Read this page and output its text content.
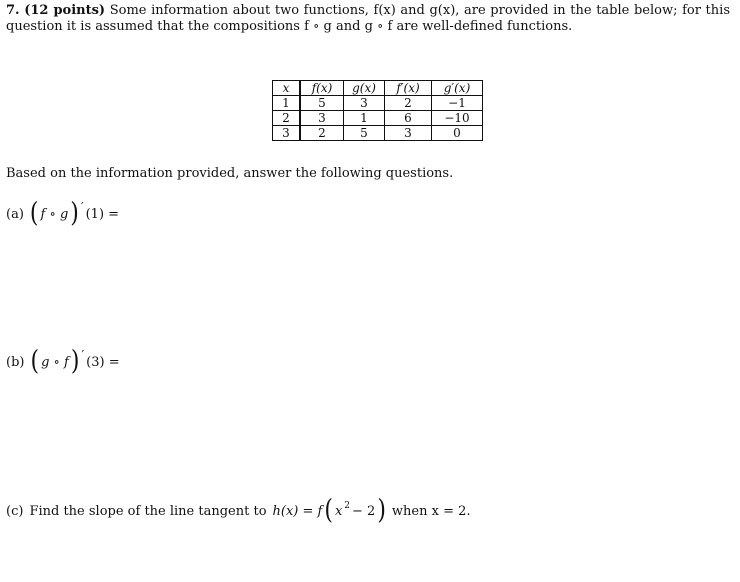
7. (12 points) Some information about two functions, f(x) and g(x), are provided in the table below; for this question it is assumed that the compositions f ∘ g and g ∘ f are well-defined functions.
x	f(x)	g(x)	f′(x)	g′(x)
1	5	3	2	−1
2	3	1	6	−10
3	2	5	3	0
Based on the information provided, answer the following questions.
(a) ( f ∘ g ) ′ (1) =
(b) ( g ∘ f ) ′ (3) =
(c) Find the slope of the line tangent to h(x) = f ( x 2 − 2 ) when x = 2.
